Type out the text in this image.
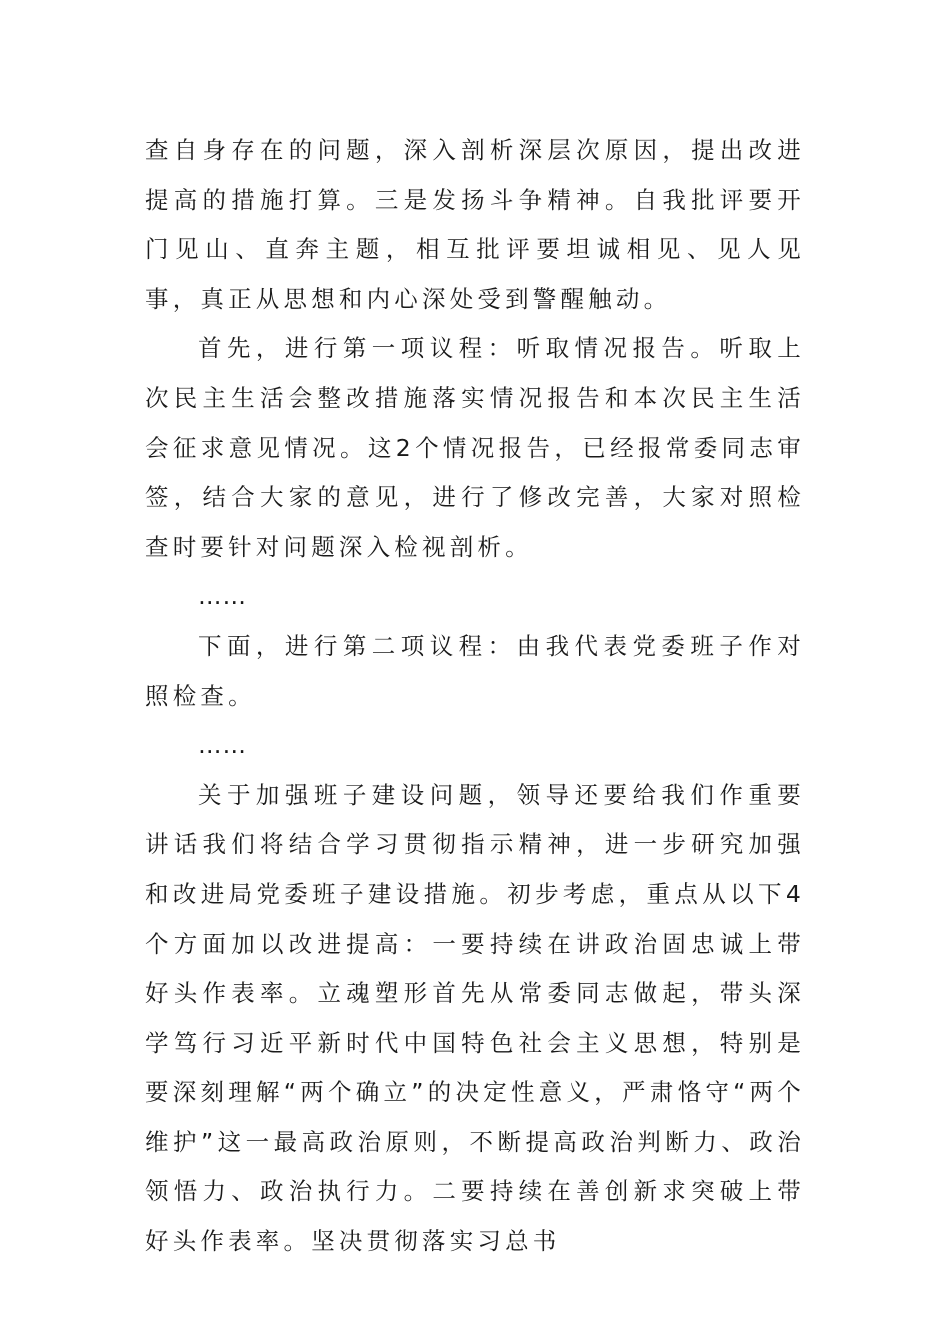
查自身存在的问题，深入剖析深层次原因，提出改进提高的措施打算。三是发扬斗争精神。自我批评要开门见山、直奔主题，相互批评要坦诚相见、见人见事，真正从思想和内心深处受到警醒触动。

首先，进行第一项议程：听取情况报告。听取上次民主生活会整改措施落实情况报告和本次民主生活会征求意见情况。这2个情况报告，已经报常委同志审签，结合大家的意见，进行了修改完善，大家对照检查时要针对问题深入检视剖析。

……

下面，进行第二项议程：由我代表党委班子作对照检查。

……

关于加强班子建设问题，领导还要给我们作重要讲话我们将结合学习贯彻指示精神，进一步研究加强和改进局党委班子建设措施。初步考虑，重点从以下4个方面加以改进提高：一要持续在讲政治固忠诚上带好头作表率。立魂塑形首先从常委同志做起，带头深学笃行习近平新时代中国特色社会主义思想，特别是要深刻理解“两个确立”的决定性意义，严肃恪守“两个维护”这一最高政治原则，不断提高政治判断力、政治领悟力、政治执行力。二要持续在善创新求突破上带好头作表率。坚决贯彻落实习总书
